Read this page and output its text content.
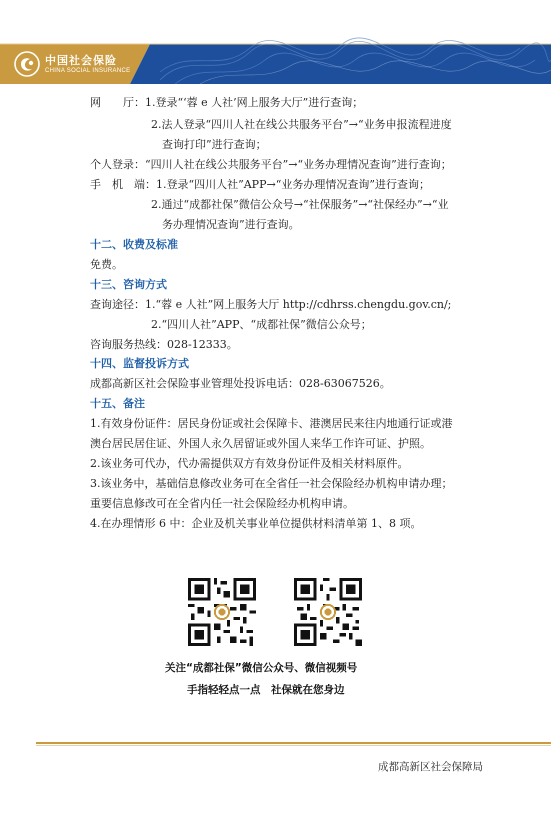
中国社会保险
CHINA SOCIAL INSURANCE
网　　厅：1.登录“‘蓉 e 人社’网上服务大厅”进行查询；
2.法人登录“四川人社在线公共服务平台”→“业务申报流程进度
查询打印”进行查询；
个人登录：“四川人社在线公共服务平台”→“业务办理情况查询”进行查询；
手　机　端：1.登录“四川人社”APP→“业务办理情况查询”进行查询；
2.通过“成都社保”微信公众号→“社保服务”→“社保经办”→“业
务办理情况查询”进行查询。
十二、收费及标准
免费。
十三、咨询方式
查询途径：1.“蓉 e 人社”网上服务大厅 http://cdhrss.chengdu.gov.cn/;
2.“四川人社”APP、“成都社保”微信公众号；
咨询服务热线：028-12333。
十四、监督投诉方式
成都高新区社会保险事业管理处投诉电话：028-63067526。
十五、备注
1.有效身份证件：居民身份证或社会保障卡、港澳居民来往内地通行证或港
澳台居民居住证、外国人永久居留证或外国人来华工作许可证、护照。
2.该业务可代办，代办需提供双方有效身份证件及相关材料原件。
3.该业务中，基础信息修改业务可在全省任一社会保险经办机构申请办理；
重要信息修改可在全省内任一社会保险经办机构申请。
4.在办理情形 6 中：企业及机关事业单位提供材料清单第 1、8 项。
关注“成都社保”微信公众号、微信视频号
手指轻轻点一点　社保就在您身边
成都高新区社会保障局
